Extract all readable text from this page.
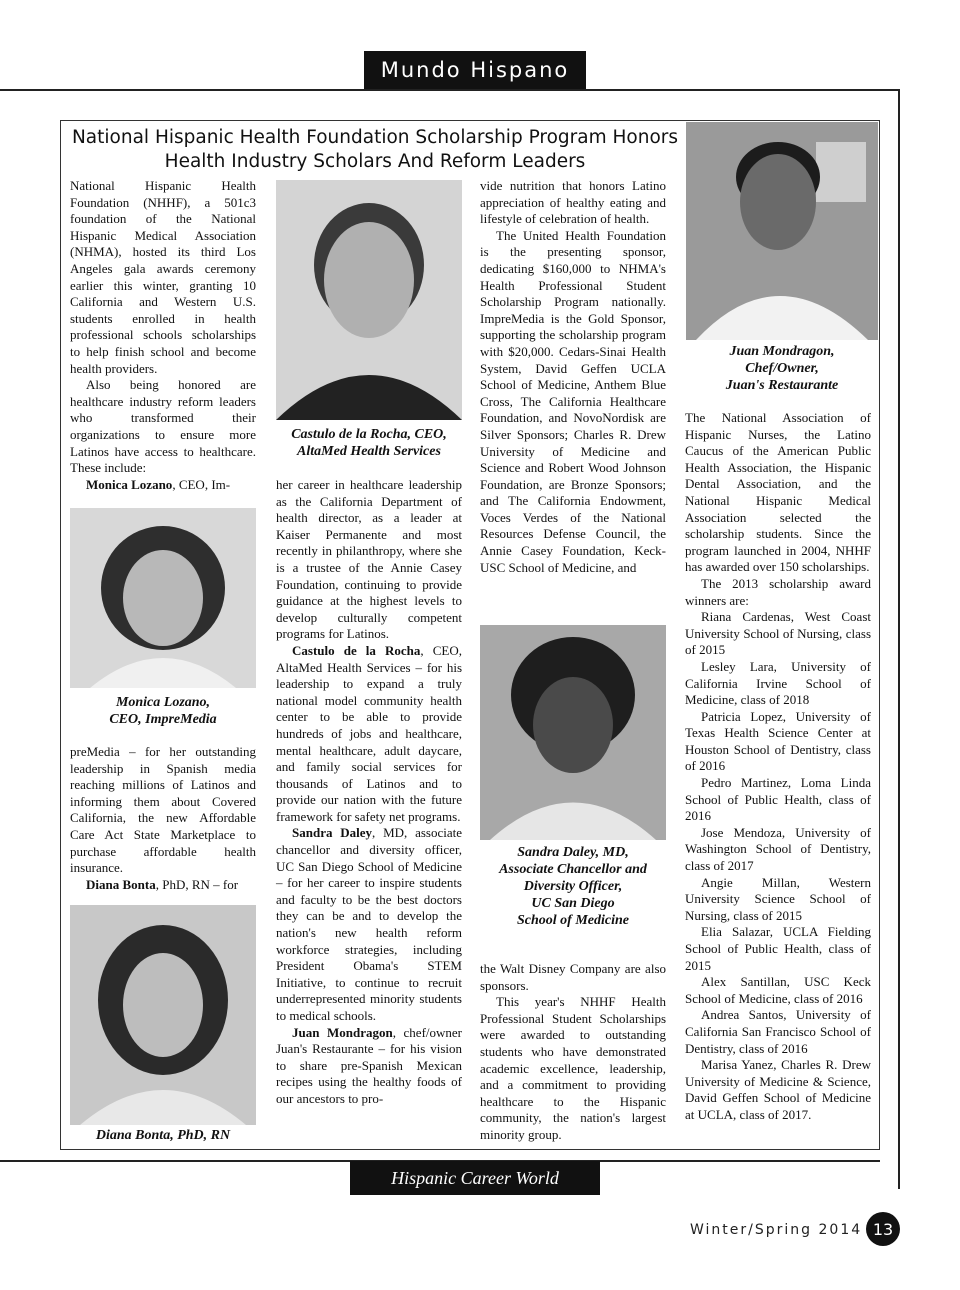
Mundo Hispano
National Hispanic Health Foundation Scholarship Program Honors
Health Industry Scholars And Reform Leaders

National Hispanic Health Foundation (NHHF), a 501c3 foundation of the National Hispanic Medical Association (NHMA), hosted its third Los Angeles gala awards ceremony earlier this winter, granting 10 California and Western U.S. students enrolled in health professional schools scholarships to help finish school and become health providers.

Also being honored are healthcare industry reform leaders who transformed their organizations to ensure more Latinos have access to healthcare. These include:

Monica Lozano, CEO, Im-

Monica Lozano,
CEO, ImpreMedia

preMedia – for her outstanding leadership in Spanish media reaching millions of Latinos and informing them about Covered California, the new Affordable Care Act State Marketplace to purchase affordable health insurance.

Diana Bonta, PhD, RN – for

Diana Bonta, PhD, RN
Castulo de la Rocha, CEO,
AltaMed Health Services

her career in healthcare leadership as the California Department of health director, as a leader at Kaiser Permanente and most recently in philanthropy, where she is a trustee of the Annie Casey Foundation, continuing to provide guidance at the highest levels to develop culturally competent programs for Latinos.

Castulo de la Rocha, CEO, AltaMed Health Services – for his leadership to expand a truly national model community health center to be able to provide hundreds of jobs and healthcare, mental healthcare, adult daycare, and family social services for thousands of Latinos and to provide our nation with the future framework for safety net programs.

Sandra Daley, MD, associate chancellor and diversity officer, UC San Diego School of Medicine – for her career to inspire students and faculty to be the best doctors they can be and to develop the nation's new health reform workforce strategies, including President Obama's STEM Initiative, to continue to recruit underrepresented minority students to medical schools.

Juan Mondragon, chef/owner Juan's Restaurante – for his vision to share pre-Spanish Mexican recipes using the healthy foods of our ancestors to pro-

vide nutrition that honors Latino appreciation of healthy eating and lifestyle of celebration of health.

The United Health Foundation is the presenting sponsor, dedicating $160,000 to NHMA's Health Professional Student Scholarship Program nationally. ImpreMedia is the Gold Sponsor, supporting the scholarship program with $20,000. Cedars-Sinai Health System, David Geffen UCLA School of Medicine, Anthem Blue Cross, The California Healthcare Foundation, and NovoNordisk are Silver Sponsors; Charles R. Drew University of Medicine and Science and Robert Wood Johnson Foundation, are Bronze Sponsors; and The California Endowment, Voces Verdes of the National Resources Defense Council, the Annie Casey Foundation, Keck-USC School of Medicine, and

Sandra Daley, MD,
Associate Chancellor and
Diversity Officer,
UC San Diego
School of Medicine

the Walt Disney Company are also sponsors.

This year's NHHF Health Professional Student Scholarships were awarded to outstanding students who have demonstrated academic excellence, leadership, and a commitment to providing healthcare to the Hispanic community, the nation's largest minority group.

Juan Mondragon,
Chef/Owner,
Juan's Restaurante

The National Association of Hispanic Nurses, the Latino Caucus of the American Public Health Association, the Hispanic Dental Association, and the National Hispanic Medical Association selected the scholarship students. Since the program launched in 2004, NHHF has awarded over 150 scholarships.

The 2013 scholarship award winners are:

Riana Cardenas, West Coast University School of Nursing, class of 2015

Lesley Lara, University of California Irvine School of Medicine, class of 2018

Patricia Lopez, University of Texas Health Science Center at Houston School of Dentistry, class of 2016

Pedro Martinez, Loma Linda School of Public Health, class of 2016

Jose Mendoza, University of Washington School of Dentistry, class of 2017

Angie Millan, Western University Science School of Nursing, class of 2015

Elia Salazar, UCLA Fielding School of Public Health, class of 2015

Alex Santillan, USC Keck School of Medicine, class of 2016

Andrea Santos, University of California San Francisco School of Dentistry, class of 2016

Marisa Yanez, Charles R. Drew University of Medicine & Science, David Geffen School of Medicine at UCLA, class of 2017.

Hispanic Career World
Winter/Spring 2014 13
